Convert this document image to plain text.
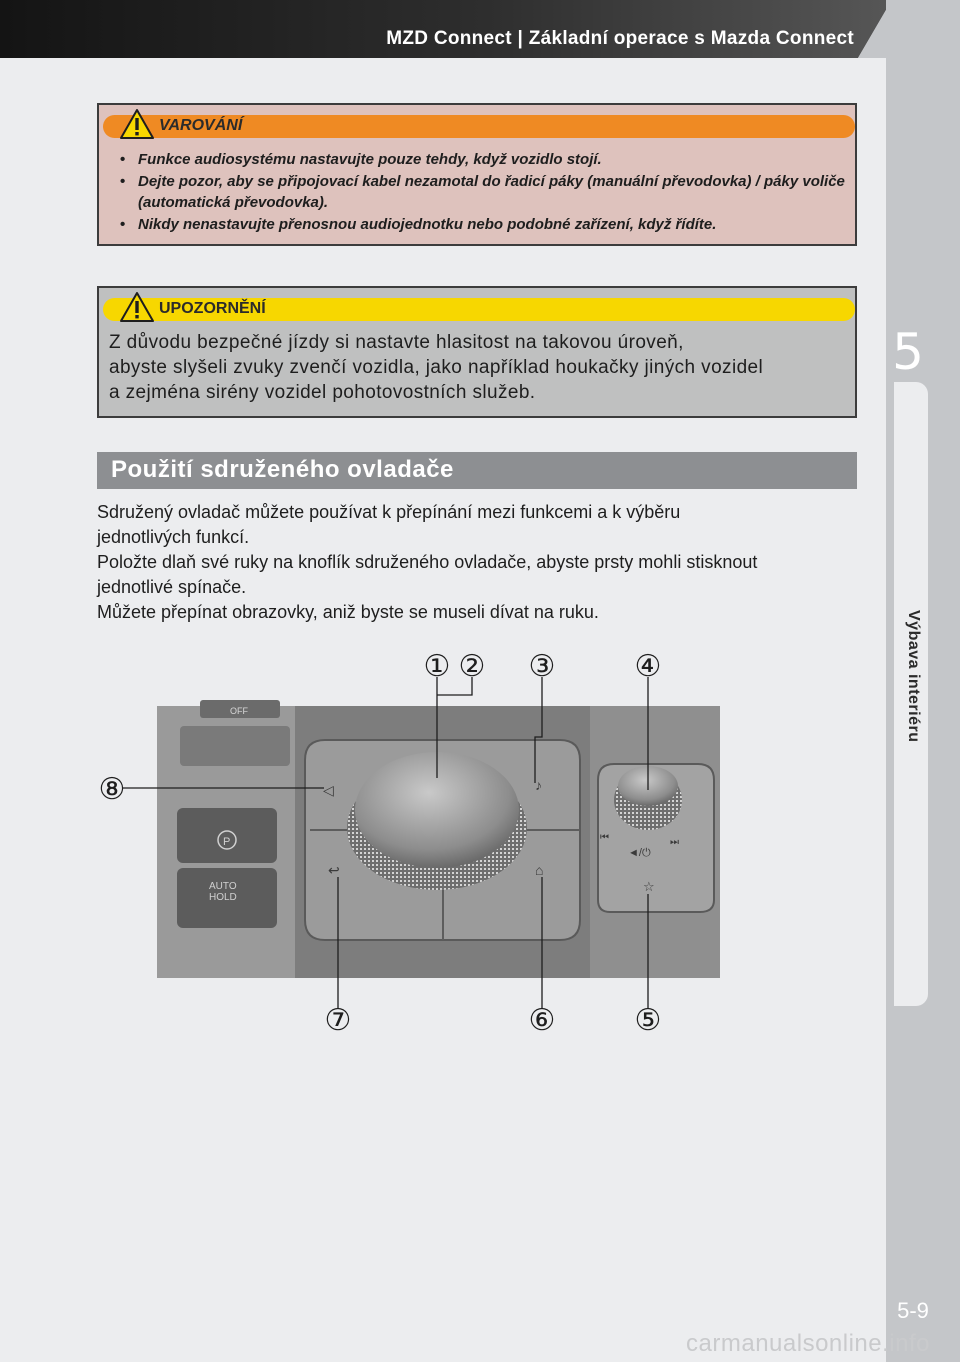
MZD Connect | Základní operace s Mazda Connect
5
Výbava interiéru
5-9
VAROVÁNÍ
• Funkce audiosystému nastavujte pouze tehdy, když vozidlo stojí.
• Dejte pozor, aby se připojovací kabel nezamotal do řadicí páky (manuální převodovka) / páky voliče (automatická převodovka).
• Nikdy nenastavujte přenosnou audiojednotku nebo podobné zařízení, když řídíte.
UPOZORNĚNÍ
Z důvodu bezpečné jízdy si nastavte hlasitost na takovou úroveň,
abyste slyšeli zvuky zvenčí vozidla, jako například houkačky jiných vozidel
a zejména sirény vozidel pohotovostních služeb.
Použití sdruženého ovladače

Sdružený ovladač můžete používat k přepínání mezi funkcemi a k výběru

jednotlivých funkcí.

Položte dlaň své ruky na knoflík sdruženého ovladače, abyste prsty mohli stisknout

jednotlivé spínače.

Můžete přepínat obrazovky, aniž byste se museli dívat na ruku.

OFF
P
AUTO
HOLD
◁	♪
↩	⌂
⏮	⏭
◄/⏻
☆
① ② ③	④
⑤
⑥
⑦
⑧
carmanualsonline.info
